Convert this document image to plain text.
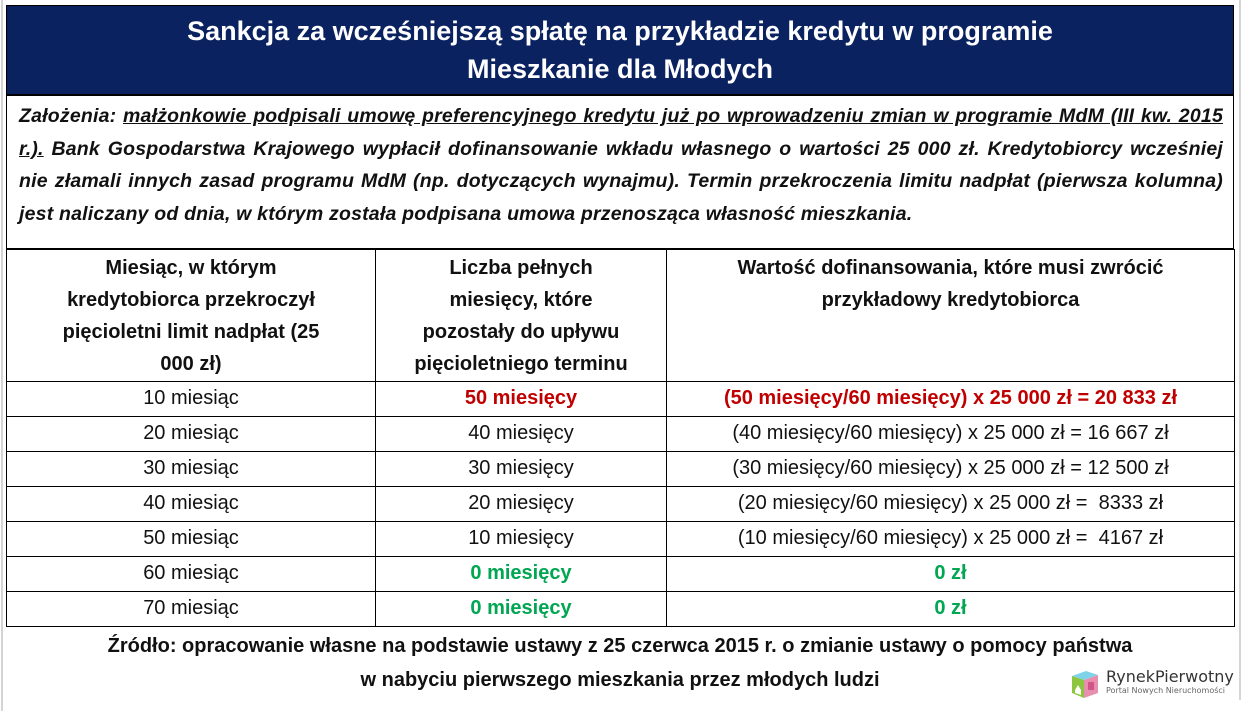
Sankcja za wcześniejszą spłatę na przykładzie kredytu w programie
Mieszkanie dla Młodych
Założenia: małżonkowie podpisali umowę preferencyjnego kredytu już po wprowadzeniu zmian w programie MdM (III kw. 2015 r.). Bank Gospodarstwa Krajowego wypłacił dofinansowanie wkładu własnego o wartości 25 000 zł. Kredytobiorcy wcześniej nie złamali innych zasad programu MdM (np. dotyczących wynajmu). Termin przekroczenia limitu nadpłat (pierwsza kolumna) jest naliczany od dnia, w którym została podpisana umowa przenosząca własność mieszkania.
Miesiąc, w którym kredytobiorca przekroczył pięcioletni limit nadpłat (25 000 zł)	Liczba pełnych miesięcy, które pozostały do upływu pięcioletniego terminu	Wartość dofinansowania, które musi zwrócić przykładowy kredytobiorca
10 miesiąc	50 miesięcy	(50 miesięcy/60 miesięcy) x 25 000 zł = 20 833 zł
20 miesiąc	40 miesięcy	(40 miesięcy/60 miesięcy) x 25 000 zł = 16 667 zł
30 miesiąc	30 miesięcy	(30 miesięcy/60 miesięcy) x 25 000 zł = 12 500 zł
40 miesiąc	20 miesięcy	(20 miesięcy/60 miesięcy) x 25 000 zł =  8333 zł
50 miesiąc	10 miesięcy	(10 miesięcy/60 miesięcy) x 25 000 zł =  4167 zł
60 miesiąc	0 miesięcy	0 zł
70 miesiąc	0 miesięcy	0 zł
Źródło: opracowanie własne na podstawie ustawy z 25 czerwca 2015 r. o zmianie ustawy o pomocy państwa
w nabyciu pierwszego mieszkania przez młodych ludzi	RynekPierwotny
Portal Nowych Nieruchomości
